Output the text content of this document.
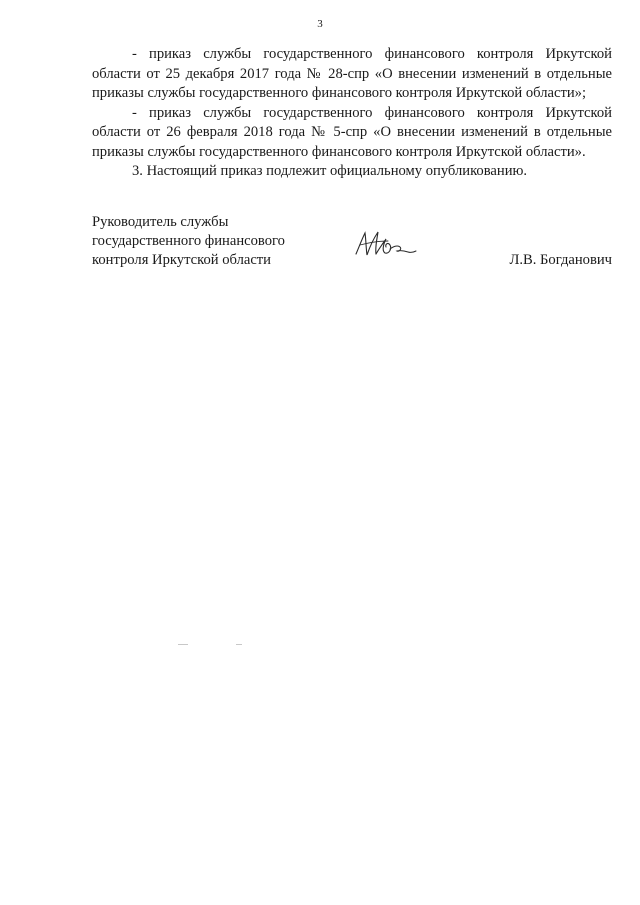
3

- приказ службы государственного финансового контроля Иркутской
области от 25 декабря 2017 года № 28-спр «О внесении изменений в отдельные
приказы службы государственного финансового контроля Иркутской области»;

- приказ службы государственного финансового контроля Иркутской
области от 26 февраля 2018 года № 5-спр «О внесении изменений в отдельные
приказы службы государственного финансового контроля Иркутской области».

3. Настоящий приказ подлежит официальному опубликованию.

Руководитель службы
государственного финансового
контроля Иркутской области	Л.В. Богданович
